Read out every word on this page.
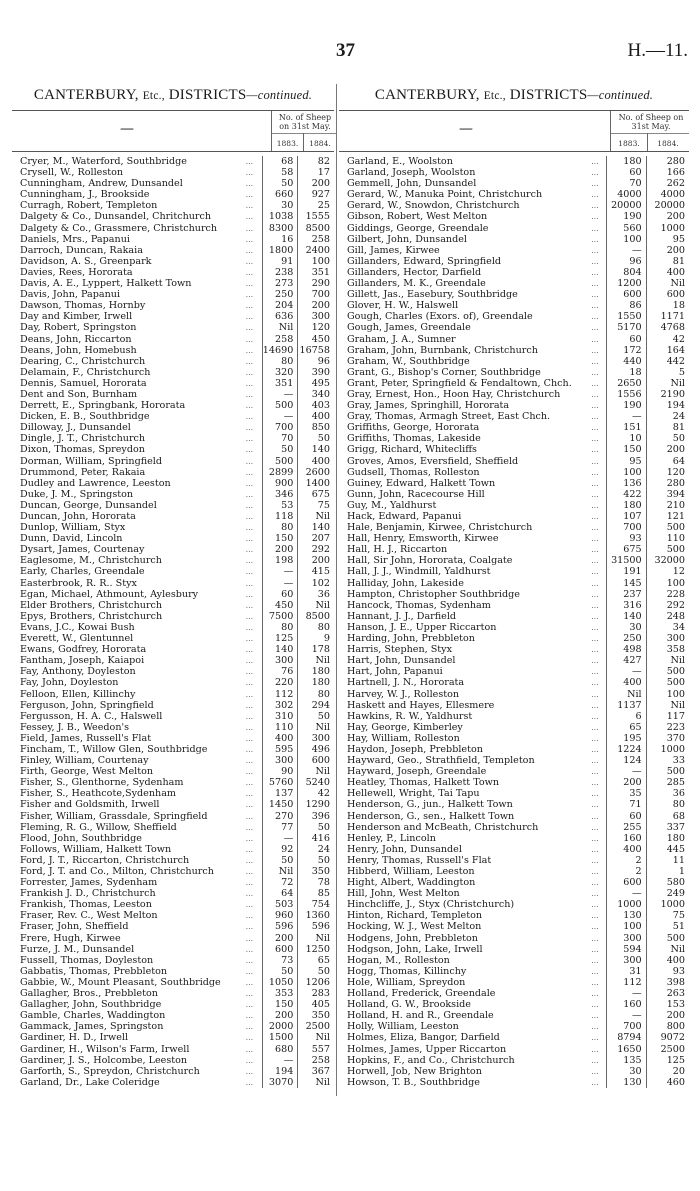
37	H.—11.
CANTERBURY, Etc., DISTRICTS—continued.
—
No. of Sheep on 31st May.
1883.	1884.
Cryer, M., Waterford, Southbridge	...	68	82
Crysell, W., Rolleston	...	58	17
Cunningham, Andrew, Dunsandel	...	50	200
Cunningham, J., Brookside	...	660	927
Curragh, Robert, Templeton	...	30	25
Dalgety & Co., Dunsandel, Chritchurch	...	1038	1555
Dalgety & Co., Grassmere, Christchurch	...	8300	8500
Daniels, Mrs., Papanui	...	16	258
Darroch, Duncan, Rakaia	...	1800	2400
Davidson, A. S., Greenpark	...	91	100
Davies, Rees, Hororata	...	238	351
Davis, A. E., Lyppert, Halkett Town	...	273	290
Davis, John, Papanui	...	250	700
Dawson, Thomas, Hornby	...	204	200
Day and Kimber, Irwell	...	636	300
Day, Robert, Springston	...	Nil	120
Deans, John, Riccarton	...	258	450
Deans, John, Homebush	...	14690	16758
Dearing, C., Christchurch	...	80	96
Delamain, F., Christchurch	...	320	390
Dennis, Samuel, Hororata	...	351	495
Dent and Son, Burnham	...	—	340
Derrett, E., Springbank, Hororata	...	500	403
Dicken, E. B., Southbridge	...	—	400
Dilloway, J., Dunsandel	...	700	850
Dingle, J. T., Christchurch	...	70	50
Dixon, Thomas, Spreydon	...	50	140
Dorman, William, Springfield	...	500	400
Drummond, Peter, Rakaia	...	2899	2600
Dudley and Lawrence, Leeston	...	900	1400
Duke, J. M., Springston	...	346	675
Duncan, George, Dunsandel	...	53	75
Duncan, John, Hororata	...	118	Nil
Dunlop, William, Styx	...	80	140
Dunn, David, Lincoln	...	150	207
Dysart, James, Courtenay	...	200	292
Eaglesome, M., Christchurch	...	198	200
Early, Charles, Greendale	...	—	415
Easterbrook, R. R.. Styx	...	—	102
Egan, Michael, Athmount, Aylesbury	...	60	36
Elder Brothers, Christchurch	...	450	Nil
Epys, Brothers, Christchurch	...	7500	8500
Evans, J.C., Kowai Bush	...	80	80
Everett, W., Glentunnel	...	125	9
Ewans, Godfrey, Hororata	...	140	178
Fantham, Joseph, Kaiapoi	...	300	Nil
Fay, Anthony, Doyleston	...	76	180
Fay, John, Doyleston	...	220	180
Felloon, Ellen, Killinchy	...	112	80
Ferguson, John, Springfield	...	302	294
Fergusson, H. A. C., Halswell	...	310	50
Fessey, J. B., Weedon's	...	110	Nil
Field, James, Russell's Flat	...	400	300
Fincham, T., Willow Glen, Southbridge	...	595	496
Finley, William, Courtenay	...	300	600
Firth, George, West Melton	...	90	Nil
Fisher, S., Glenthorne, Sydenham	...	5760	5240
Fisher, S., Heathcote,Sydenham	...	137	42
Fisher and Goldsmith, Irwell	...	1450	1290
Fisher, William, Grassdale, Springfield	...	270	396
Fleming, R. G., Willow, Sheffield	...	77	50
Flood, John, Southbridge	...	—	416
Follows, William, Halkett Town	...	92	24
Ford, J. T., Riccarton, Christchurch	...	50	50
Ford, J. T. and Co., Milton, Christchurch	...	Nil	350
Forrester, James, Sydenham	...	72	78
Frankish J. D., Christchurch	...	64	85
Frankish, Thomas, Leeston	...	503	754
Fraser, Rev. C., West Melton	...	960	1360
Fraser, John, Sheffield	...	596	596
Frere, Hugh, Kirwee	...	200	Nil
Furze, J. M., Dunsandel	...	600	1250
Fussell, Thomas, Doyleston	...	73	65
Gabbatis, Thomas, Prebbleton	...	50	50
Gabbie, W., Mount Pleasant, Southbridge	...	1050	1206
Gallagher, Bros., Prebbleton	...	353	283
Gallagher, John, Southbridge	...	150	405
Gamble, Charles, Waddington	...	200	350
Gammack, James, Springston	...	2000	2500
Gardiner, H. D., Irwell	...	1500	Nil
Gardiner, H., Wilson's Farm, Irwell	...	680	557
Gardiner, J. S., Holcombe, Leeston	...	—	258
Garforth, S., Spreydon, Christchurch	...	194	367
Garland, Dr., Lake Coleridge	...	3070	Nil
CANTERBURY, Etc., DISTRICTS—continued.
—
No. of Sheep on 31st May.
1883.	1884.
Garland, E., Woolston	...	180	280
Garland, Joseph, Woolston	...	60	166
Gemmell, John, Dunsandel	...	70	262
Gerard, W., Manuka Point, Christchurch	...	4000	4000
Gerard, W., Snowdon, Christchurch	...	20000	20000
Gibson, Robert, West Melton	...	190	200
Giddings, George, Greendale	...	560	1000
Gilbert, John, Dunsandel	...	100	95
Gill, James, Kirwee	...	—	200
Gillanders, Edward, Springfield	...	96	81
Gillanders, Hector, Darfield	...	804	400
Gillanders, M. K., Greendale	...	1200	Nil
Gillett, Jas., Easebury, Southbridge	...	600	600
Glover, H. W., Halswell	...	86	18
Gough, Charles (Exors. of), Greendale	...	1550	1171
Gough, James, Greendale	...	5170	4768
Graham, J. A., Sumner	...	60	42
Graham, John, Burnbank, Christchurch	...	172	164
Graham, W., Southbridge	...	440	442
Grant, G., Bishop's Corner, Southbridge	...	18	5
Grant, Peter, Springfield & Fendaltown, Chch.	...	2650	Nil
Gray, Ernest, Hon., Hoon Hay, Christchurch	...	1556	2190
Gray, James, Springhill, Hororata	...	190	194
Gray, Thomas, Armagh Street, East Chch.	...	—	24
Griffiths, George, Hororata	...	151	81
Griffiths, Thomas, Lakeside	...	10	50
Grigg, Richard, Whitecliffs	...	150	200
Groves, Amos, Eversfield, Sheffield	...	95	64
Gudsell, Thomas, Rolleston	...	100	120
Guiney, Edward, Halkett Town	...	136	280
Gunn, John, Racecourse Hill	...	422	394
Guy, M., Yaldhurst	...	180	210
Hack, Edward, Papanui	...	107	121
Hale, Benjamin, Kirwee, Christchurch	...	700	500
Hall, Henry, Emsworth, Kirwee	...	93	110
Hall, H. J., Riccarton	...	675	500
Hall, Sir John, Hororata, Coalgate	...	31500	32000
Hall, J. J., Windmill, Yaldhurst	...	191	12
Halliday, John, Lakeside	...	145	100
Hampton, Christopher Southbridge	...	237	228
Hancock, Thomas, Sydenham	...	316	292
Hannant, J. J., Darfield	...	140	248
Hanson, J. E., Upper Riccarton	...	30	34
Harding, John, Prebbleton	...	250	300
Harris, Stephen, Styx	...	498	358
Hart, John, Dunsandel	...	427	Nil
Hart, John, Papanui	...	—	500
Hartnell, J. N., Hororata	...	400	500
Harvey, W. J., Rolleston	...	Nil	100
Haskett and Hayes, Ellesmere	...	1137	Nil
Hawkins, R. W., Yaldhurst	...	6	117
Hay, George, Kimberley	...	65	223
Hay, William, Rolleston	...	195	370
Haydon, Joseph, Prebbleton	...	1224	1000
Hayward, Geo., Strathfield, Templeton	...	124	33
Hayward, Joseph, Greendale	...	—	500
Heatley, Thomas, Halkett Town	...	200	285
Hellewell, Wright, Tai Tapu	...	35	36
Henderson, G., jun., Halkett Town	...	71	80
Henderson, G., sen., Halkett Town	...	60	68
Henderson and McBeath, Christchurch	...	255	337
Henley, P., Lincoln	...	160	180
Henry, John, Dunsandel	...	400	445
Henry, Thomas, Russell's Flat	...	2	11
Hibberd, William, Leeston	...	2	1
Hight, Albert, Waddington	...	600	580
Hill, John, West Melton	...	—	249
Hinchcliffe, J., Styx (Christchurch)	...	1000	1000
Hinton, Richard, Templeton	...	130	75
Hocking, W. J., West Melton	...	100	51
Hodgens, John, Prebbleton	...	300	500
Hodgson, John, Lake, Irwell	...	594	Nil
Hogan, M., Rolleston	...	300	400
Hogg, Thomas, Killinchy	...	31	93
Hole, William, Spreydon	...	112	398
Holland, Frederick, Greendale	...	—	263
Holland, G. W., Brookside	...	160	153
Holland, H. and R., Greendale	...	—	200
Holly, William, Leeston	...	700	800
Holmes, Eliza, Bangor, Darfield	...	8794	9072
Holmes, James, Upper Riccarton	...	1650	2500
Hopkins, F., and Co., Christchurch	...	135	125
Horwell, Job, New Brighton	...	30	20
Howson, T. B., Southbridge	...	130	460
